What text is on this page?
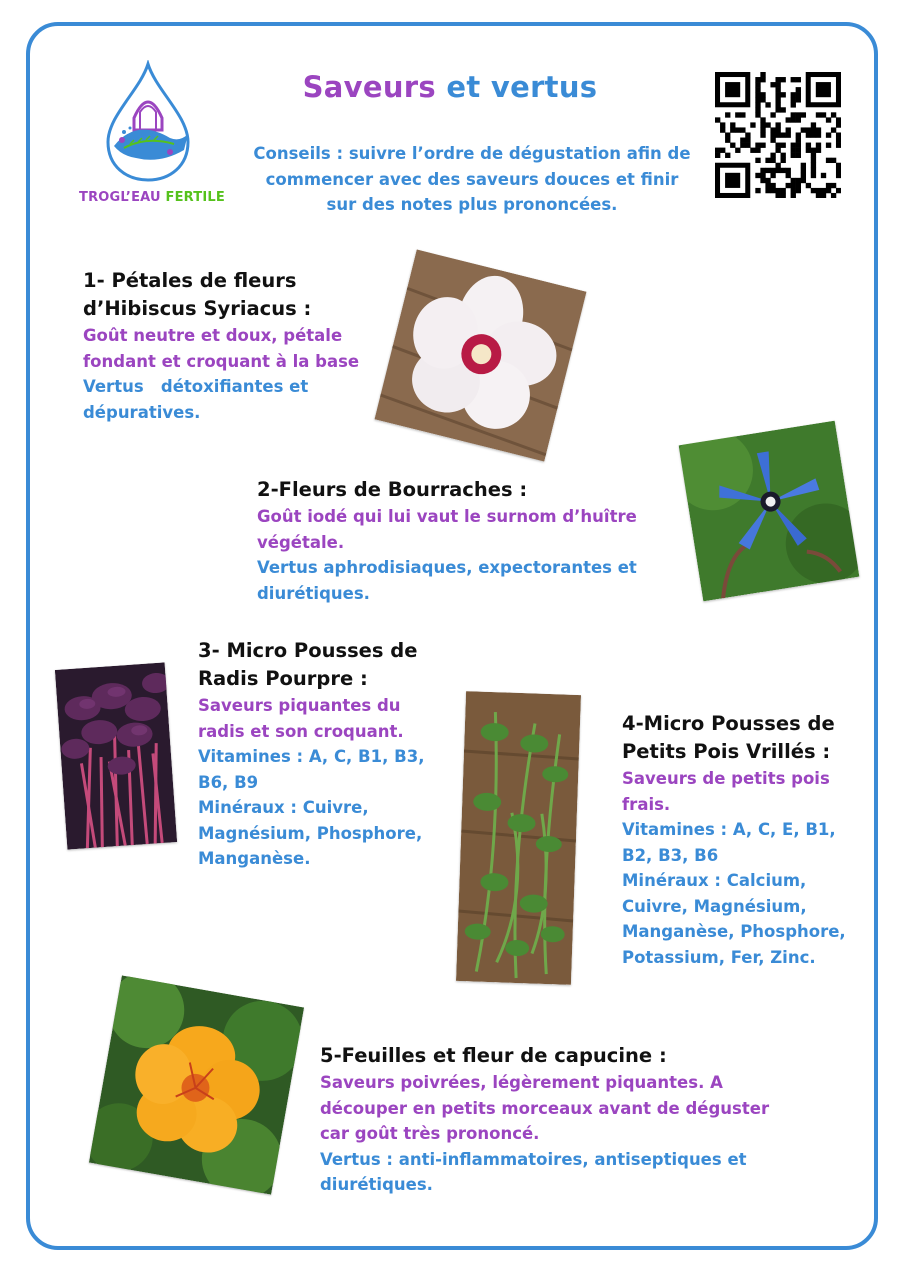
TROGL’EAU FERTILE
Saveurs et vertus
Conseils : suivre l’ordre de dégustation afin de commencer avec des saveurs douces et finir sur des notes plus prononcées.

1- Pétales de fleurs

d’Hibiscus Syriacus :

Goût neutre et doux, pétale fondant et croquant à la base

Vertus   détoxifiantes et dépuratives.

2-Fleurs de Bourraches :

Goût iodé qui lui vaut le surnom d’huître végétale.

Vertus aphrodisiaques, expectorantes et diurétiques.

3- Micro Pousses de

Radis Pourpre :

Saveurs piquantes du radis et son croquant.

Vitamines : A, C, B1, B3, B6, B9

Minéraux : Cuivre, Magnésium, Phosphore, Manganèse.

4-Micro Pousses de

Petits Pois Vrillés :

Saveurs de petits pois frais.

Vitamines : A, C, E, B1, B2, B3, B6

Minéraux : Calcium, Cuivre, Magnésium, Manganèse, Phosphore, Potassium, Fer, Zinc.

5-Feuilles et fleur de capucine :

Saveurs poivrées, légèrement piquantes. A découper en petits morceaux avant de déguster car goût très prononcé.

Vertus : anti-inflammatoires, antiseptiques et diurétiques.
